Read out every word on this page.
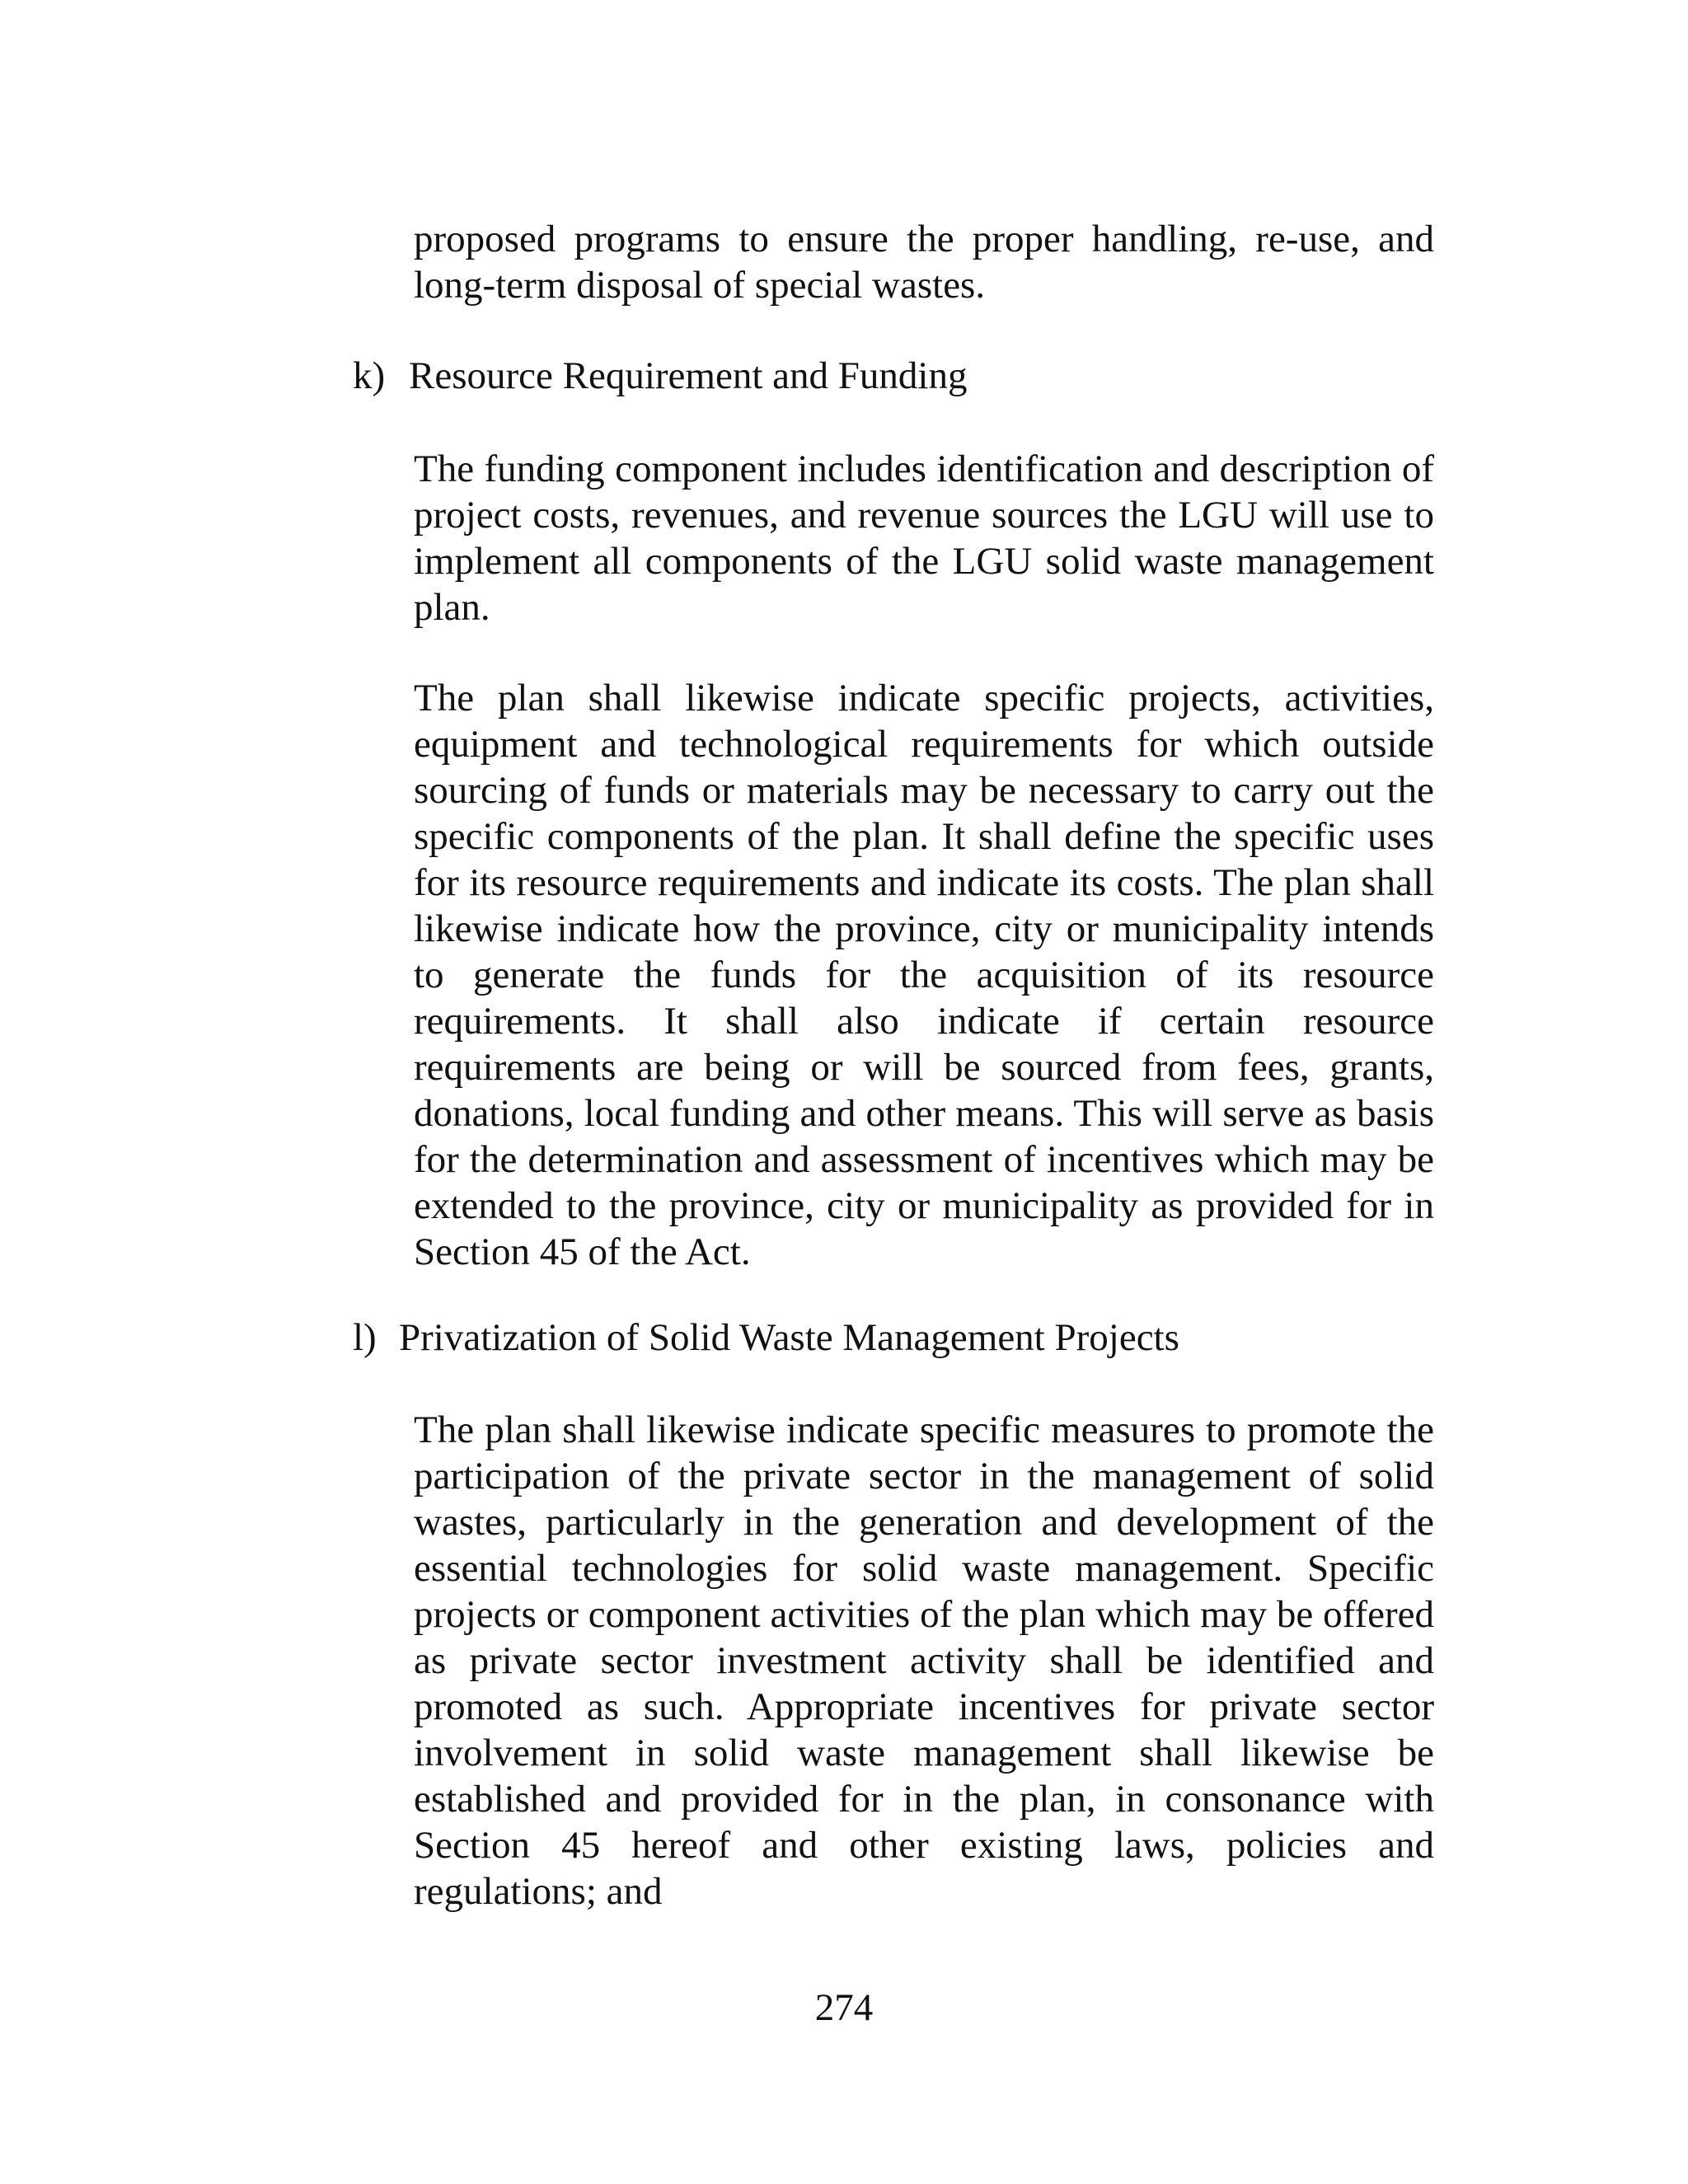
proposed programs to ensure the proper handling, re-use, and long-term disposal of special wastes.

k) Resource Requirement and Funding

The funding component includes identification and description of project costs, revenues, and revenue sources the LGU will use to implement all components of the LGU solid waste management plan.

The plan shall likewise indicate specific projects, activities, equipment and technological requirements for which outside sourcing of funds or materials may be necessary to carry out the specific components of the plan. It shall define the specific uses for its resource requirements and indicate its costs. The plan shall likewise indicate how the province, city or municipality intends to generate the funds for the acquisition of its resource requirements. It shall also indicate if certain resource requirements are being or will be sourced from fees, grants, donations, local funding and other means. This will serve as basis for the determination and assessment of incentives which may be extended to the province, city or municipality as provided for in Section 45 of the Act.

l) Privatization of Solid Waste Management Projects

The plan shall likewise indicate specific measures to promote the participation of the private sector in the management of solid wastes, particularly in the generation and development of the essential technologies for solid waste management. Specific projects or component activities of the plan which may be offered as private sector investment activity shall be identified and promoted as such. Appropriate incentives for private sector involvement in solid waste management shall likewise be established and provided for in the plan, in consonance with Section 45 hereof and other existing laws, policies and regulations; and

274
